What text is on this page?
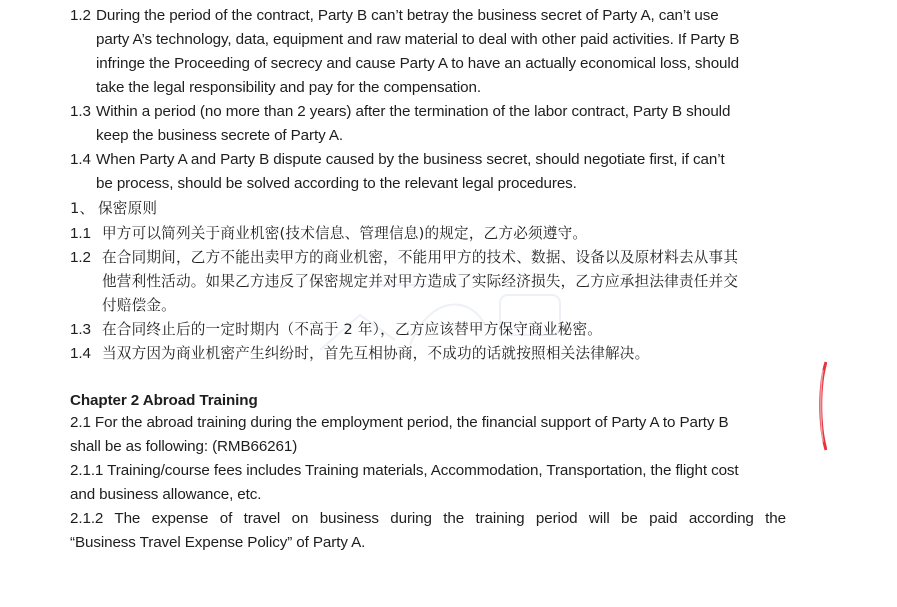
1.2 During the period of the contract, Party B can’t betray the business secret of Party A, can’t use
party A’s technology, data, equipment and raw material to deal with other paid activities. If Party B
infringe the Proceeding of secrecy and cause Party A to have an actually economical loss, should
take the legal responsibility and pay for the compensation.
1.3 Within a period (no more than 2 years) after the termination of the labor contract, Party B should
keep the business secrete of Party A.
1.4 When Party A and Party B dispute caused by the business secret, should negotiate first, if can’t
be process, should be solved according to the relevant legal procedures.
1、 保密原则
1.1 甲方可以简列关于商业机密(技术信息、管理信息)的规定，乙方必须遵守。
1.2 在合同期间，乙方不能出卖甲方的商业机密，不能用甲方的技术、数据、设备以及原材料去从事其
他营利性活动。如果乙方违反了保密规定并对甲方造成了实际经济损失，乙方应承担法律责任并交
付赔偿金。
1.3 在合同终止后的一定时期内（不高于 2 年），乙方应该替甲方保守商业秘密。
1.4 当双方因为商业机密产生纠纷时，首先互相协商，不成功的话就按照相关法律解决。
Chapter 2 Abroad Training
2.1 For the abroad training during the employment period, the financial support of Party A to Party B
shall be as following: (RMB66261)
2.1.1 Training/course fees includes Training materials, Accommodation, Transportation, the flight cost
and business allowance, etc.
2.1.2 The expense of travel on business during the training period will be paid according the
“Business Travel Expense Policy” of Party A.
